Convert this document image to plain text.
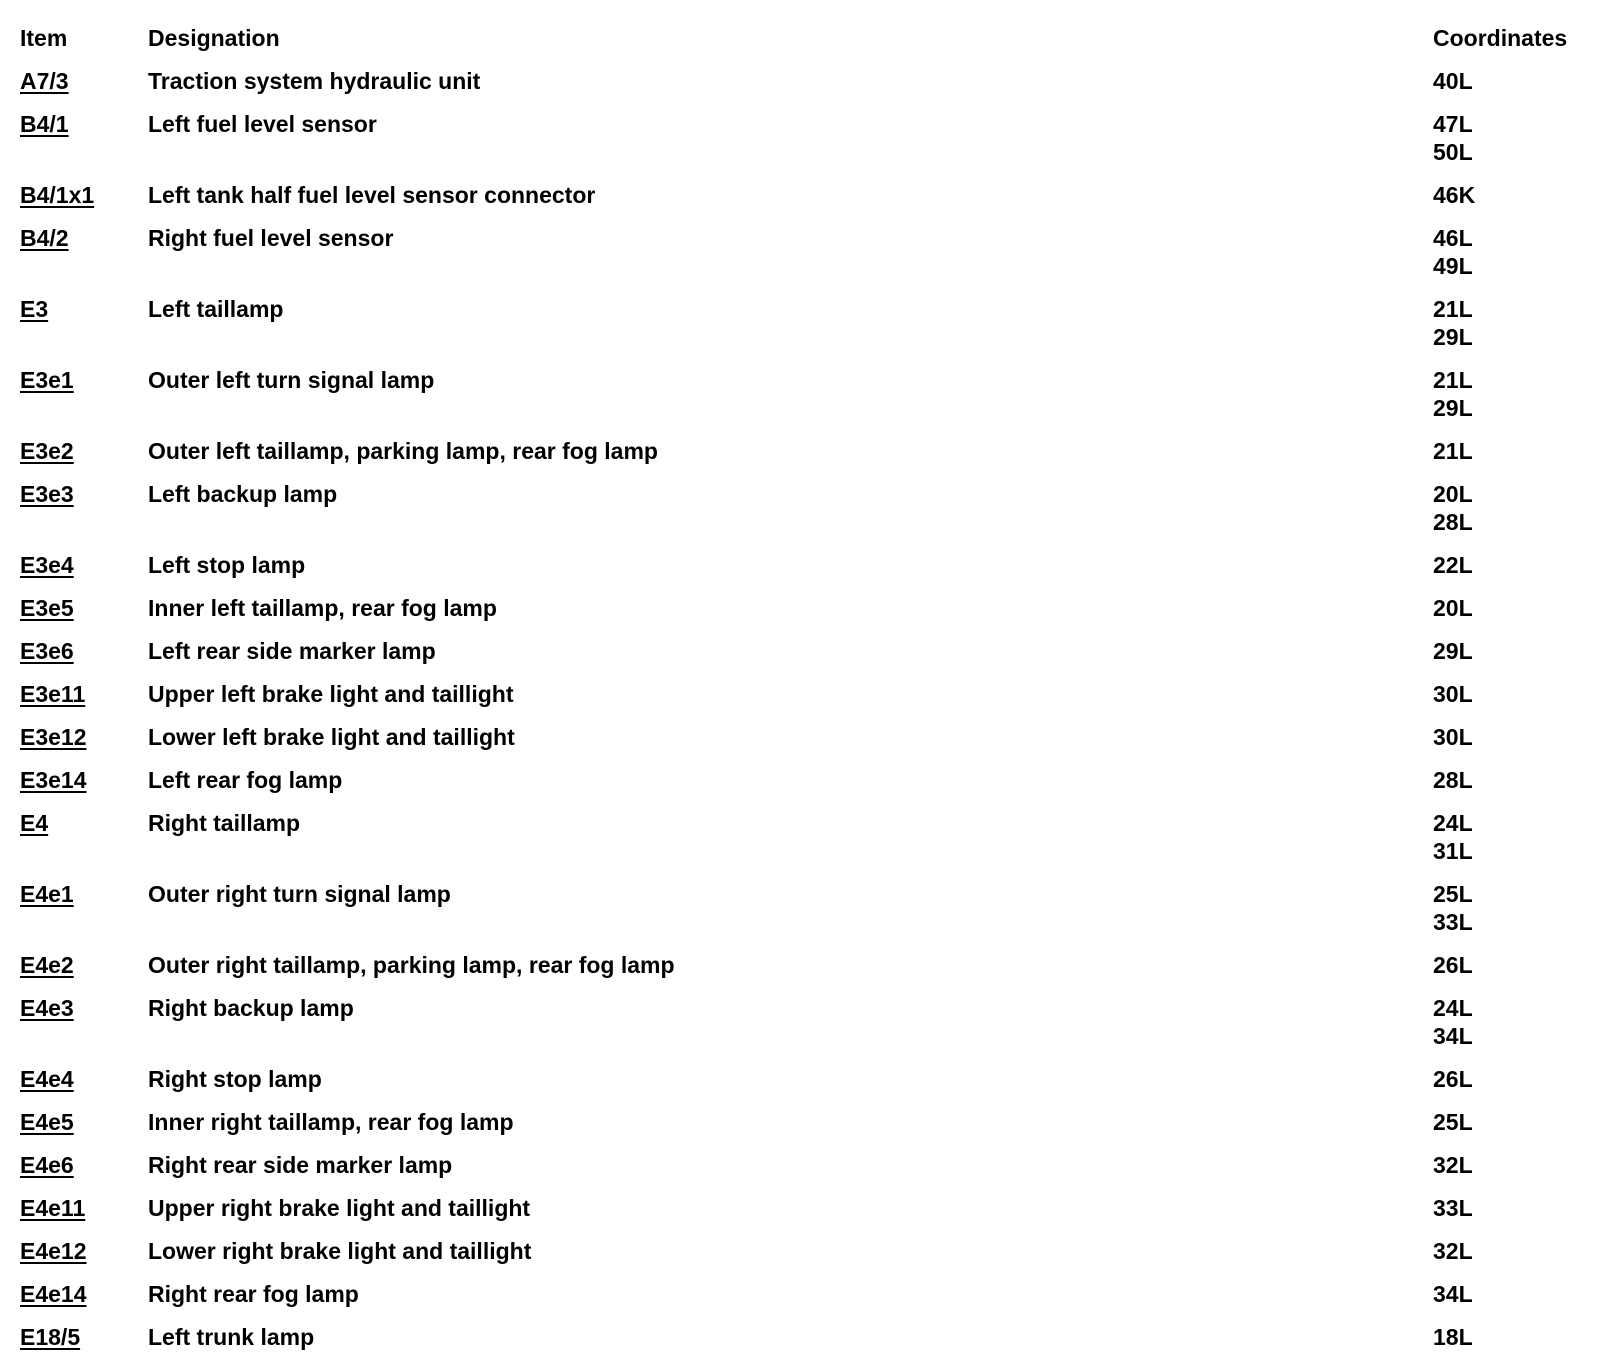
Item	Designation	Coordinates
A7/3	Traction system hydraulic unit	40L
B4/1	Left fuel level sensor	47L
50L
B4/1x1 Left tank half fuel level sensor connector	46K
B4/2	Right fuel level sensor	46L
49L
E3	Left taillamp	21L
29L
E3e1	Outer left turn signal lamp	21L
29L
E3e2	Outer left taillamp, parking lamp, rear fog lamp	21L
E3e3	Left backup lamp	20L
28L
E3e4	Left stop lamp	22L
E3e5	Inner left taillamp, rear fog lamp	20L
E3e6	Left rear side marker lamp	29L
E3e11	Upper left brake light and taillight	30L
E3e12	Lower left brake light and taillight	30L
E3e14	Left rear fog lamp	28L
E4	Right taillamp	24L
31L
E4e1	Outer right turn signal lamp	25L
33L
E4e2	Outer right taillamp, parking lamp, rear fog lamp	26L
E4e3	Right backup lamp	24L
34L
E4e4	Right stop lamp	26L
E4e5	Inner right taillamp, rear fog lamp	25L
E4e6	Right rear side marker lamp	32L
E4e11	Upper right brake light and taillight	33L
E4e12	Lower right brake light and taillight	32L
E4e14	Right rear fog lamp	34L
E18/5	Left trunk lamp	18L
